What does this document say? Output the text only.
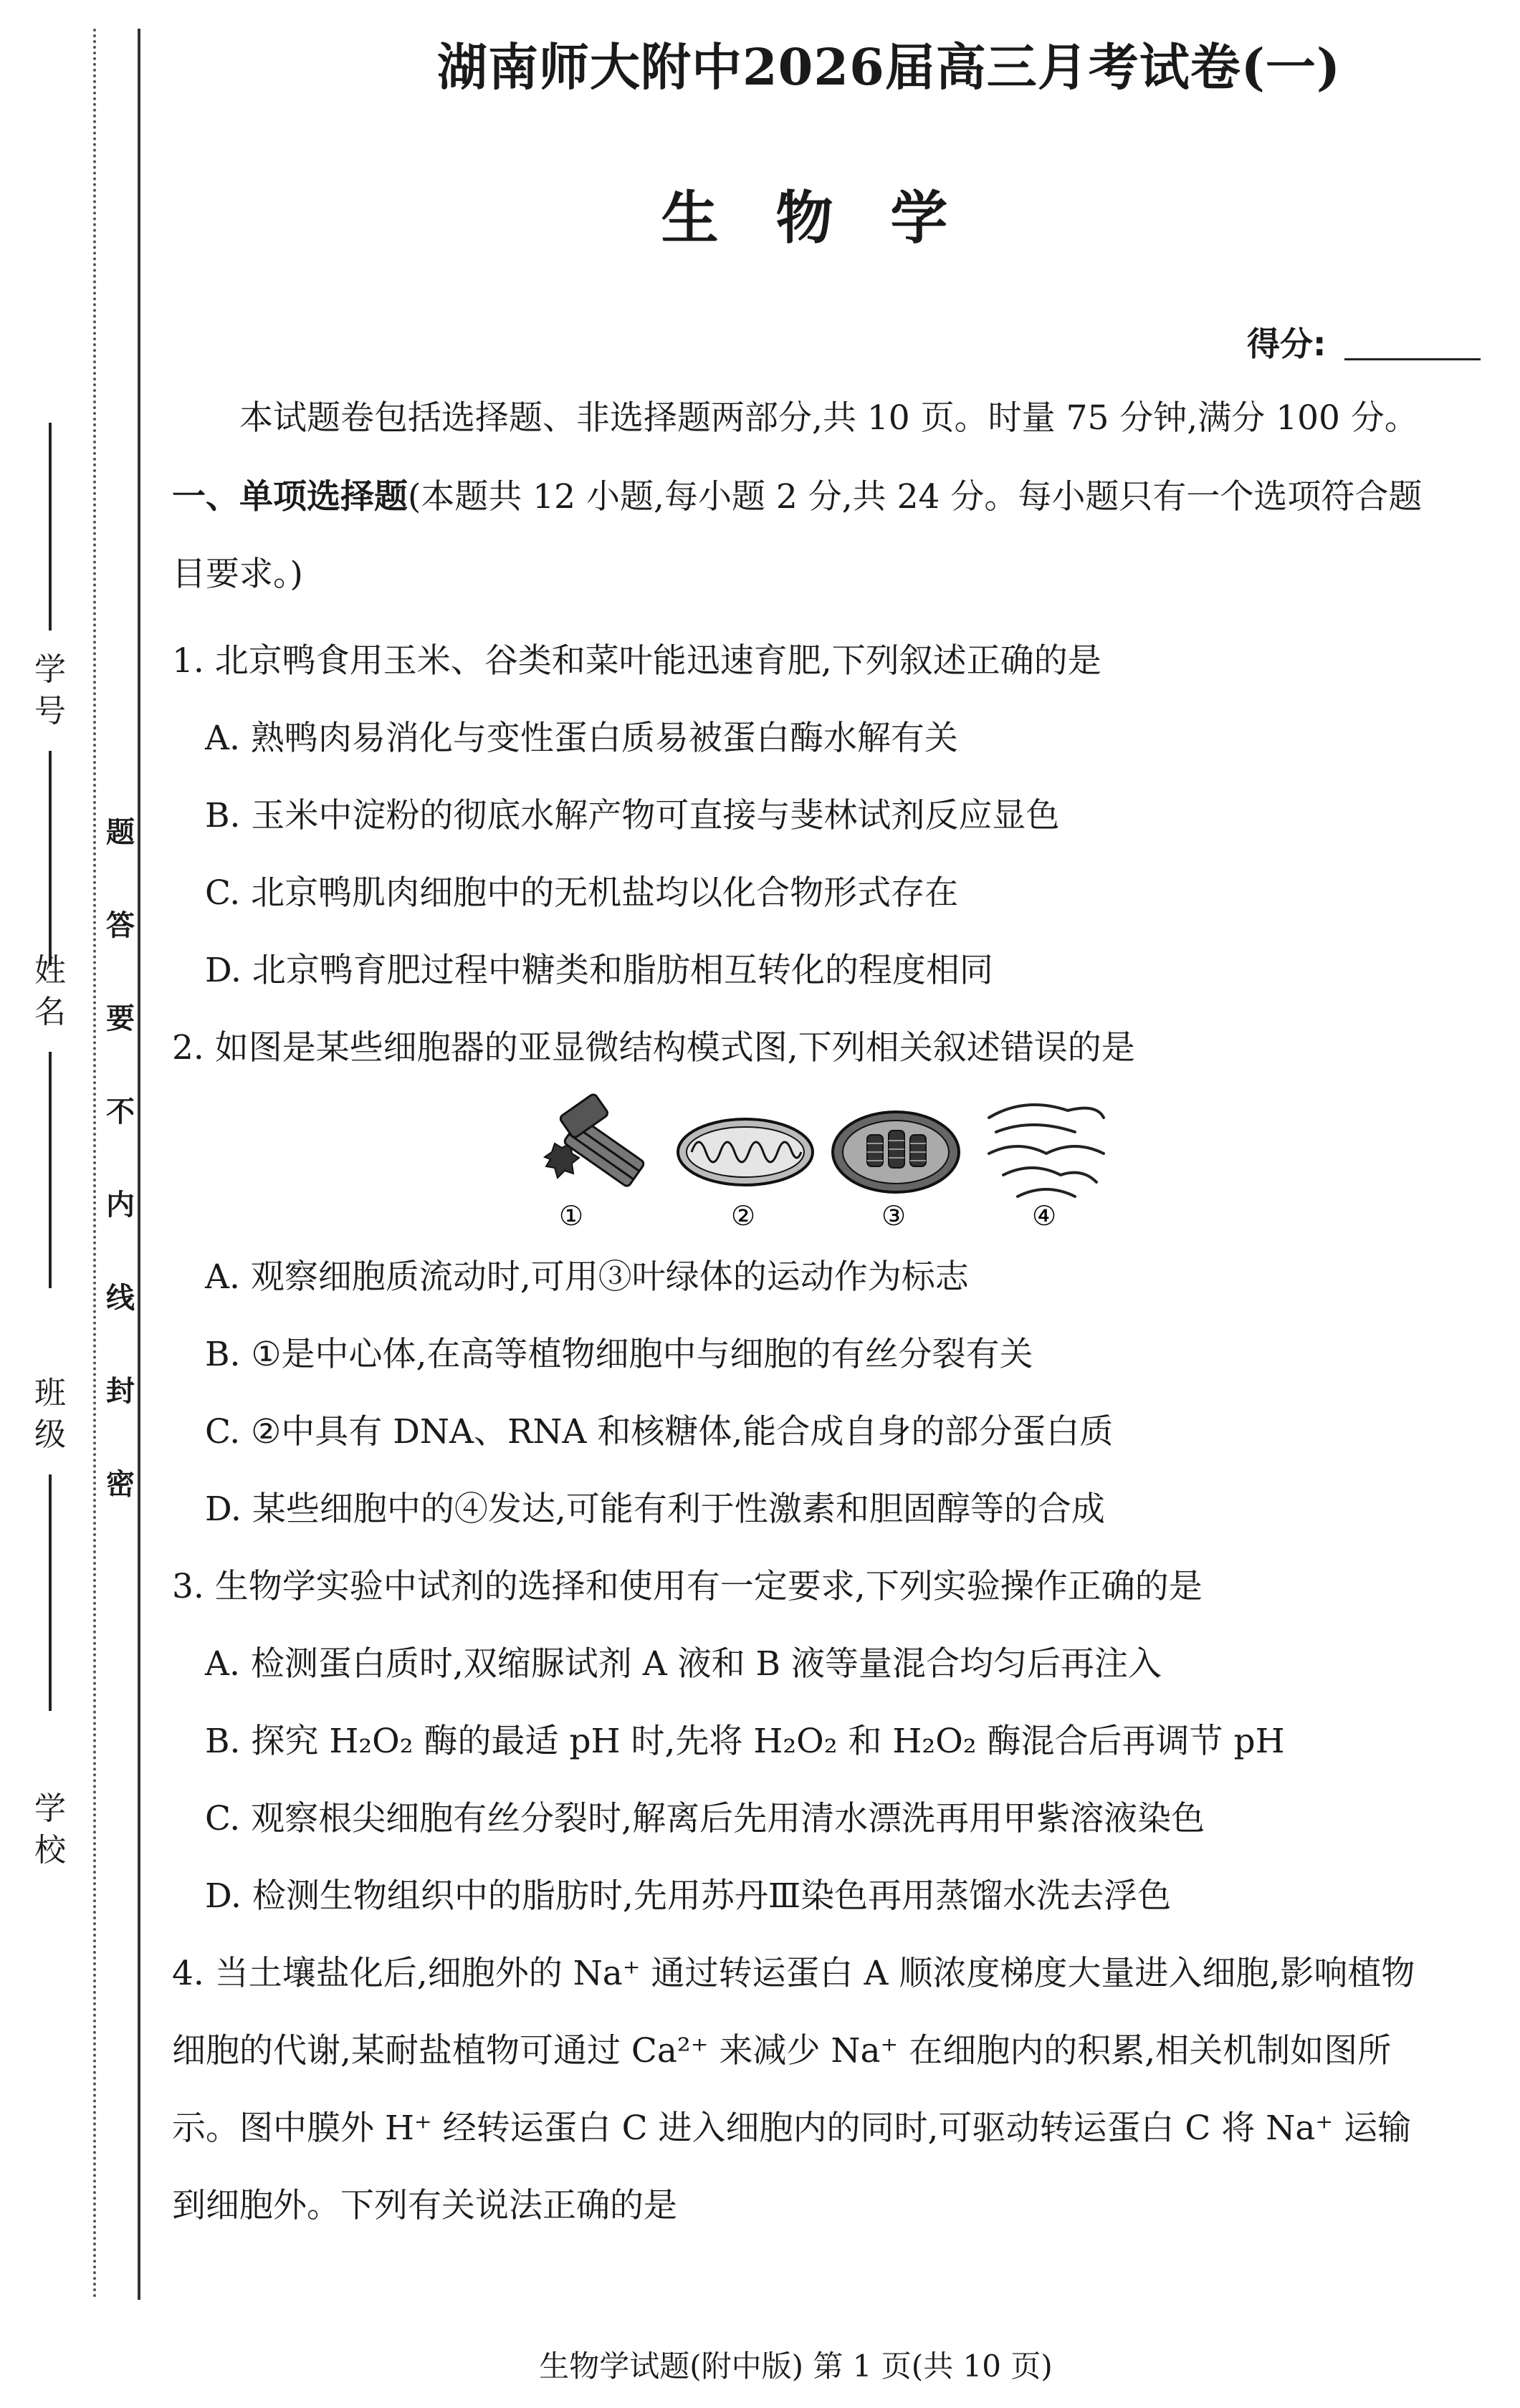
学 号
姓 名
班 级
学 校
题
答
要
不
内
线
封
密
湖南师大附中2026届高三月考试卷(一)
生 物 学
得分:
本试题卷包括选择题、非选择题两部分,共 10 页。时量 75 分钟,满分 100 分。
一、单项选择题(本题共 12 小题,每小题 2 分,共 24 分。每小题只有一个选项符合题
目要求。)
1. 北京鸭食用玉米、谷类和菜叶能迅速育肥,下列叙述正确的是
A. 熟鸭肉易消化与变性蛋白质易被蛋白酶水解有关
B. 玉米中淀粉的彻底水解产物可直接与斐林试剂反应显色
C. 北京鸭肌肉细胞中的无机盐均以化合物形式存在
D. 北京鸭育肥过程中糖类和脂肪相互转化的程度相同
2. 如图是某些细胞器的亚显微结构模式图,下列相关叙述错误的是
①	②	③	④
A. 观察细胞质流动时,可用③叶绿体的运动作为标志
B. ①是中心体,在高等植物细胞中与细胞的有丝分裂有关
C. ②中具有 DNA、RNA 和核糖体,能合成自身的部分蛋白质
D. 某些细胞中的④发达,可能有利于性激素和胆固醇等的合成
3. 生物学实验中试剂的选择和使用有一定要求,下列实验操作正确的是
A. 检测蛋白质时,双缩脲试剂 A 液和 B 液等量混合均匀后再注入
B. 探究 H₂O₂ 酶的最适 pH 时,先将 H₂O₂ 和 H₂O₂ 酶混合后再调节 pH
C. 观察根尖细胞有丝分裂时,解离后先用清水漂洗再用甲紫溶液染色
D. 检测生物组织中的脂肪时,先用苏丹Ⅲ染色再用蒸馏水洗去浮色
4. 当土壤盐化后,细胞外的 Na⁺ 通过转运蛋白 A 顺浓度梯度大量进入细胞,影响植物
细胞的代谢,某耐盐植物可通过 Ca²⁺ 来减少 Na⁺ 在细胞内的积累,相关机制如图所
示。图中膜外 H⁺ 经转运蛋白 C 进入细胞内的同时,可驱动转运蛋白 C 将 Na⁺ 运输
到细胞外。下列有关说法正确的是
生物学试题(附中版) 第 1 页(共 10 页)
